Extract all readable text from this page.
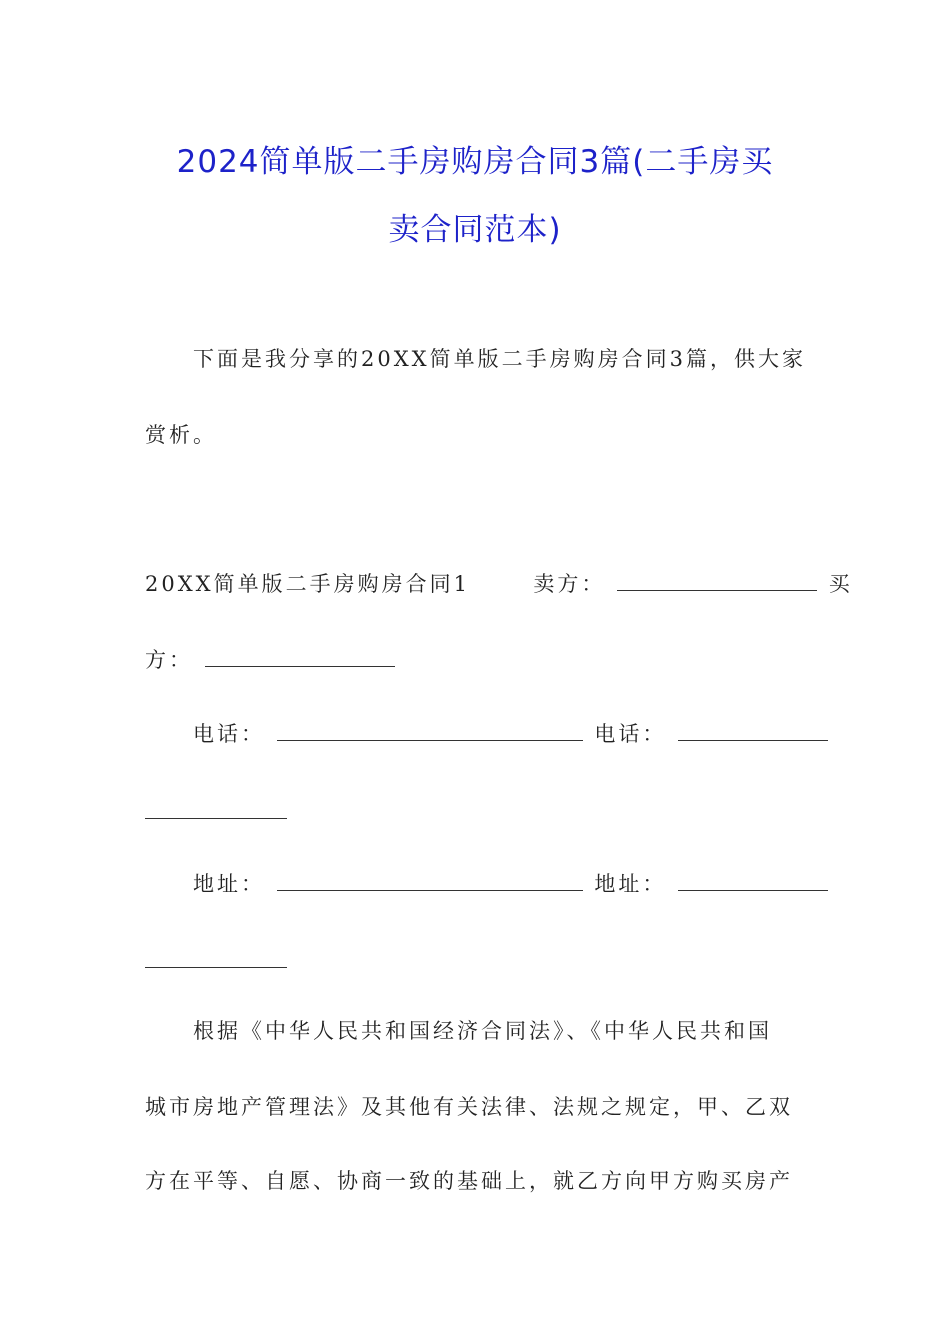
2024简单版二手房购房合同3篇(二手房买
卖合同范本)
下面是我分享的20XX简单版二手房购房合同3篇，供大家
赏析。
20XX简单版二手房购房合同1	卖方：	买
方：
电话：	电话：
地址：	地址：
根据《中华人民共和国经济合同法》、《中华人民共和国
城市房地产管理法》及其他有关法律、法规之规定，甲、乙双
方在平等、自愿、协商一致的基础上，就乙方向甲方购买房产
